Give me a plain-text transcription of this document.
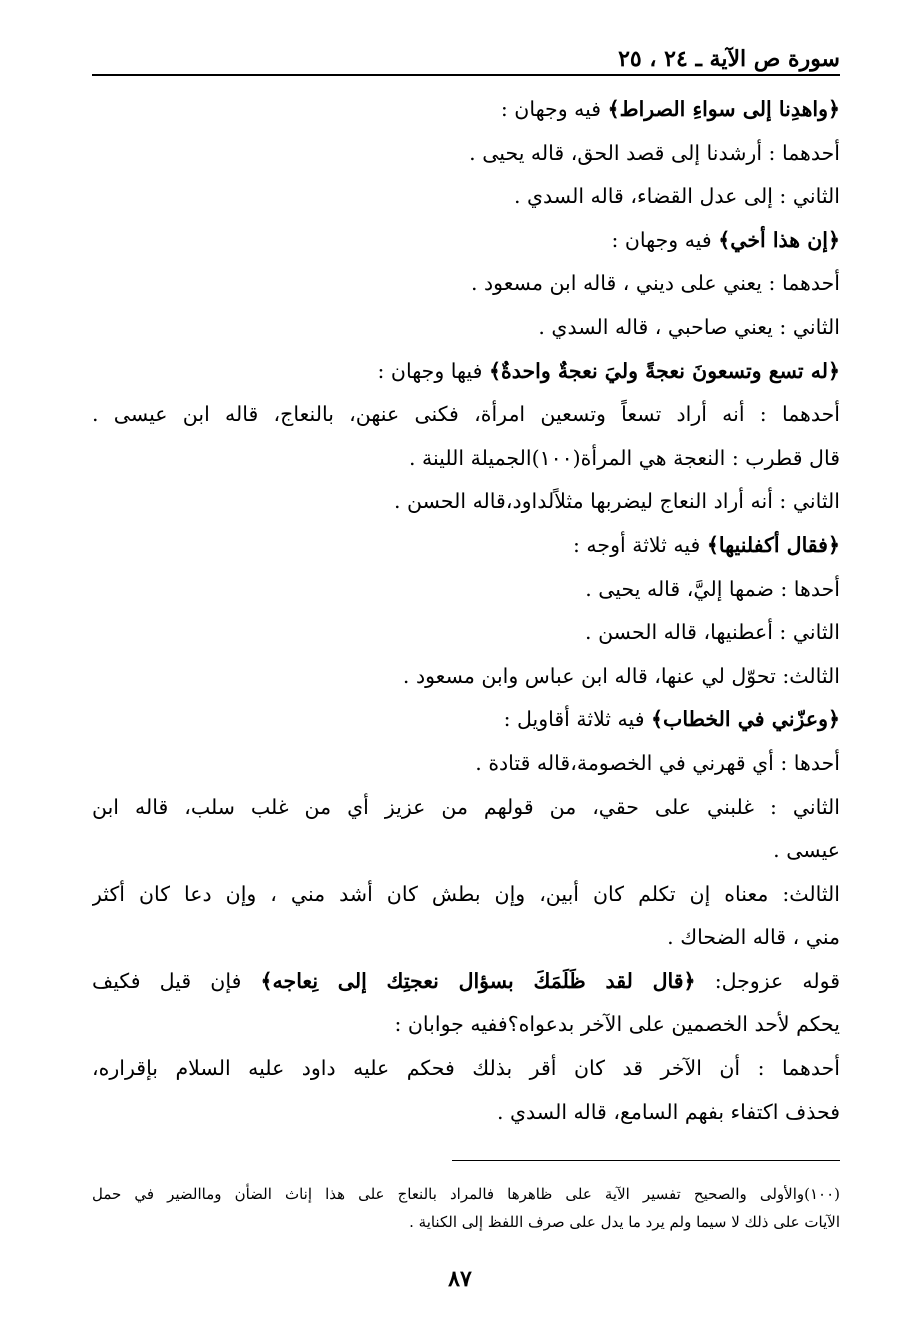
سورة ص الآية ـ ٢٤ ، ٢٥
﴿واهدِنا إلى سواءِ الصراط﴾ فيه وجهان :
أحدهما : أرشدنا إلى قصد الحق، قاله يحيى .
الثاني : إلى عدل القضاء، قاله السدي .
﴿إن هذا أخي﴾ فيه وجهان :
أحدهما : يعني على ديني ، قاله ابن مسعود .
الثاني : يعني صاحبي ، قاله السدي .
﴿له تسع وتسعونَ نعجةً وليَ نعجةٌ واحدةٌ﴾ فيها وجهان :
أحدهما : أنه أراد تسعاً وتسعين امرأة، فكنى عنهن، بالنعاج، قاله ابن عيسى .
قال قطرب : النعجة هي المرأة(١٠٠)الجميلة اللينة .
الثاني : أنه أراد النعاج ليضربها مثلاًلداود،قاله الحسن .
﴿فقال أكفلنيها﴾ فيه ثلاثة أوجه :
أحدها : ضمها إليَّ، قاله يحيى .
الثاني : أعطنيها، قاله الحسن .
الثالث: تحوّل لي عنها، قاله ابن عباس وابن مسعود .
﴿وعزّني في الخطاب﴾ فيه ثلاثة أقاويل :
أحدها : أي قهرني في الخصومة،قاله قتادة .
الثاني : غلبني على حقي، من قولهم من عزيز أي من غلب سلب، قاله ابن
عيسى .
الثالث: معناه إن تكلم كان أبين، وإن بطش كان أشد مني ، وإن دعا كان أكثر
مني ، قاله الضحاك .
قوله عزوجل: ﴿قال لقد ظَلَمَكَ بسؤال نعجتِك إلى نِعاجه﴾ فإن قيل فكيف
يحكم لأحد الخصمين على الآخر بدعواه؟ففيه جوابان :
أحدهما : أن الآخر قد كان أقر بذلك فحكم عليه داود عليه السلام بإقراره،
فحذف اكتفاء بفهم السامع، قاله السدي .
(١٠٠)والأولى والصحيح تفسير الآية على ظاهرها فالمراد بالنعاج على هذا إناث الضأن وماالضير في حمل
الآيات على ذلك لا سيما ولم يرد ما يدل على صرف اللفظ إلى الكناية .
٨٧
